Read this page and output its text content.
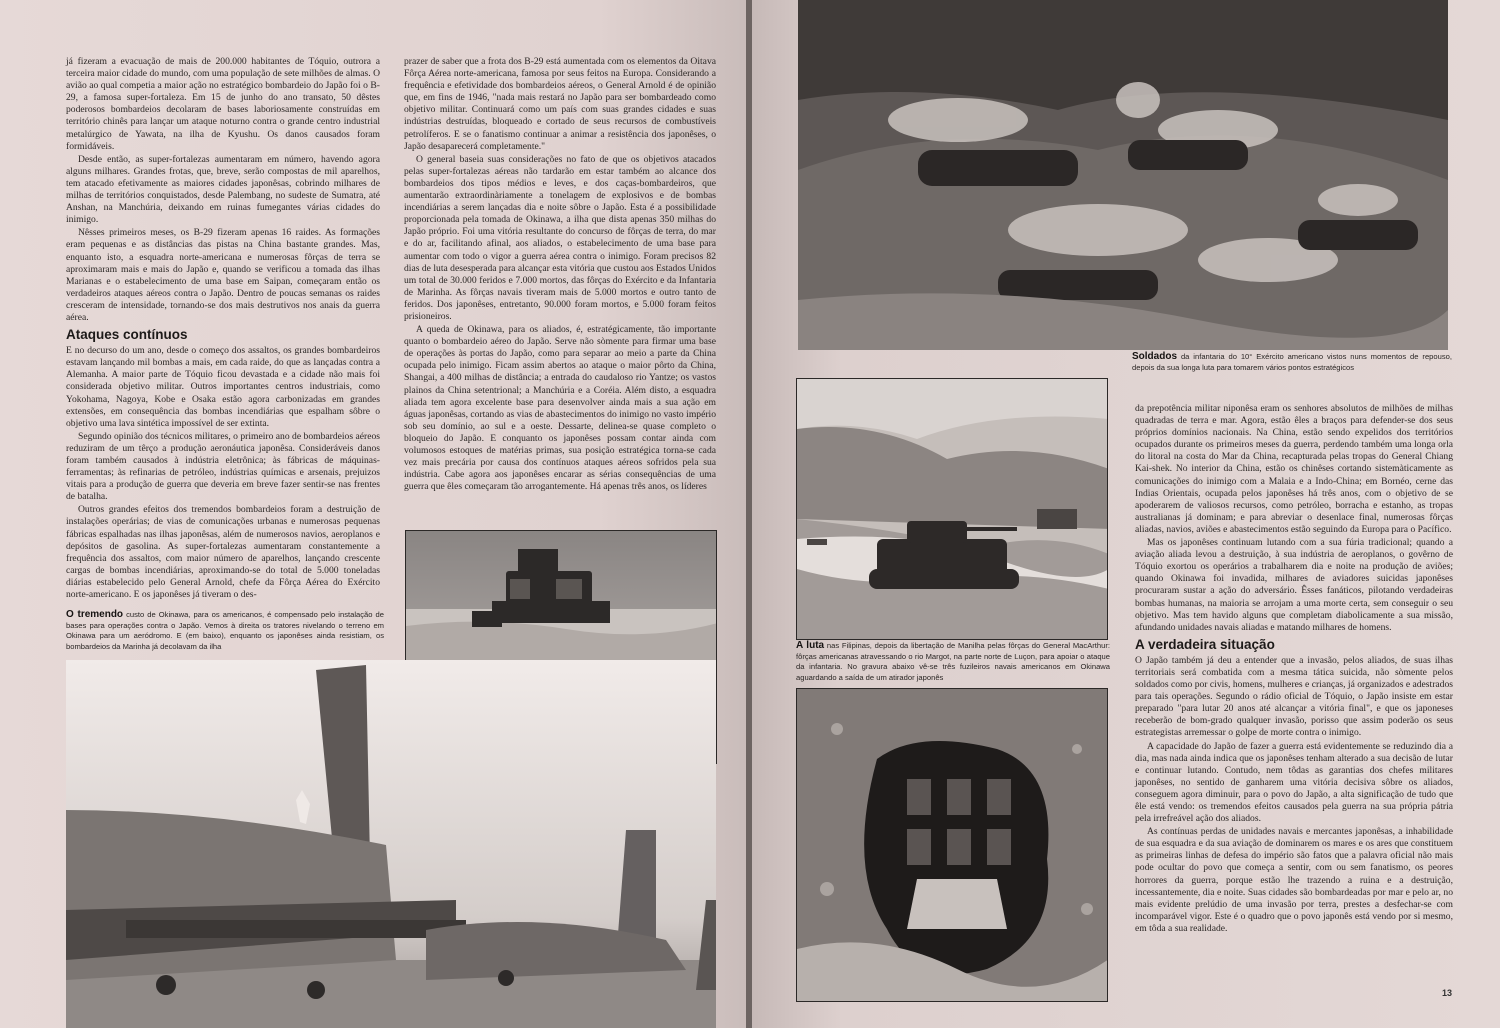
já fizeram a evacuação de mais de 200.000 habitantes de Tóquio, outrora a terceira maior cidade do mundo, com uma população de sete milhões de almas. O avião ao qual competia a maior ação no estratégico bombardeio do Japão foi o B-29, a famosa super-fortaleza. Em 15 de junho do ano transato, 50 dêstes poderosos bombardeios decolaram de bases laboriosamente construídas em território chinês para lançar um ataque noturno contra o grande centro industrial metalúrgico de Yawata, na ilha de Kyushu. Os danos causados foram formidáveis.

Desde então, as super-fortalezas aumentaram em número, havendo agora alguns milhares. Grandes frotas, que, breve, serão compostas de mil aparelhos, tem atacado efetivamente as maiores cidades japonêsas, cobrindo milhares de milhas de territórios conquistados, desde Palembang, no sudeste de Sumatra, até Anshan, na Manchúria, deixando em ruinas fumegantes várias cidades do inimigo.

Nêsses primeiros meses, os B-29 fizeram apenas 16 raides. As formações eram pequenas e as distâncias das pistas na China bastante grandes. Mas, enquanto isto, a esquadra norte-americana e numerosas fôrças de terra se aproximaram mais e mais do Japão e, quando se verificou a tomada das ilhas Marianas e o estabelecimento de uma base em Saipan, começaram então os verdadeiros ataques aéreos contra o Japão. Dentro de poucas semanas os raides cresceram de intensidade, tornando-se dos mais destrutivos nos anais da guerra aérea.

Ataques contínuos

E no decurso do um ano, desde o começo dos assaltos, os grandes bombardeiros estavam lançando mil bombas a mais, em cada raide, do que as lançadas contra a Alemanha. A maior parte de Tóquio ficou devastada e a cidade não mais foi considerada objetivo militar. Outros importantes centros industriais, como Yokohama, Nagoya, Kobe e Osaka estão agora carbonizadas em grandes extensões, em consequência das bombas incendiárias que espalham sôbre o objetivo uma lava sintética impossível de ser extinta.

Segundo opinião dos técnicos militares, o primeiro ano de bombardeios aéreos reduziram de um têrço a produção aeronáutica japonêsa. Consideráveis danos foram também causados à indústria eletrônica; às fábricas de máquinas-ferramentas; às refinarias de petróleo, indústrias químicas e arsenais, prejuizos vitais para a produção de guerra que deveria em breve fazer sentir-se nas frentes de batalha.

Outros grandes efeitos dos tremendos bombardeios foram a destruição de instalações operárias; de vias de comunicações urbanas e numerosas pequenas fábricas espalhadas nas ilhas japonêsas, além de numerosos navios, aeroplanos e depósitos de gasolina. As super-fortalezas aumentaram constantemente a frequência dos assaltos, com maior número de aparelhos, lançando crescente cargas de bombas incendiárias, aproximando-se do total de 5.000 toneladas diárias estabelecido pelo General Arnold, chefe da Fôrça Aérea do Exército norte-americano. E os japonêses já tiveram o des-

prazer de saber que a frota dos B-29 está aumentada com os elementos da Oitava Fôrça Aérea norte-americana, famosa por seus feitos na Europa. Considerando a frequência e efetividade dos bombardeios aéreos, o General Arnold é de opinião que, em fins de 1946, "nada mais restará no Japão para ser bombardeado como objetivo militar. Continuará como um país com suas grandes cidades e suas indústrias destruídas, bloqueado e cortado de seus recursos de combustíveis petrolíferos. E se o fanatismo continuar a animar a resistência dos japonêses, o Japão desaparecerá completamente."

O general baseia suas considerações no fato de que os objetivos atacados pelas super-fortalezas aéreas não tardarão em estar também ao alcance dos bombardeios dos tipos médios e leves, e dos caças-bombardeiros, que aumentarão extraordinàriamente a tonelagem de explosivos e de bombas incendiárias a serem lançadas dia e noite sôbre o Japão. Esta é a possibilidade proporcionada pela tomada de Okinawa, a ilha que dista apenas 350 milhas do Japão próprio. Foi uma vitória resultante do concurso de fôrças de terra, do mar e do ar, facilitando afinal, aos aliados, o estabelecimento de uma base para aumentar com todo o vigor a guerra aérea contra o inimigo. Foram precisos 82 dias de luta desesperada para alcançar esta vitória que custou aos Estados Unidos um total de 30.000 feridos e 7.000 mortos, das fôrças do Exército e da Infantaria de Marinha. As fôrças navais tiveram mais de 5.000 mortos e outro tanto de feridos. Dos japonêses, entretanto, 90.000 foram mortos, e 5.000 foram feitos prisioneiros.

A queda de Okinawa, para os aliados, é, estratégicamente, tão importante quanto o bombardeio aéreo do Japão. Serve não sòmente para firmar uma base de operações às portas do Japão, como para separar ao meio a parte da China ocupada pelo inimigo. Ficam assim abertos ao ataque o maior pôrto da China, Shangai, a 400 milhas de distância; a entrada do caudaloso rio Yantze; os vastos plainos da China setentrional; a Manchúria e a Coréia. Além disto, a esquadra aliada tem agora excelente base para desenvolver ainda mais a sua ação em águas japonêsas, cortando as vias de abastecimentos do inimigo no vasto império sob seu domínio, ao sul e a oeste. Dessarte, delinea-se quase completo o bloqueio do Japão. E conquanto os japonêses possam contar ainda com volumosos estoques de matérias primas, sua posição estratégica torna-se cada vez mais precária por causa dos contínuos ataques aéreos sofridos pela sua indústria. Cabe agora aos japonêses encarar as sérias consequências de uma guerra que êles começaram tão arrogantemente. Há apenas três anos, os líderes

O tremendo custo de Okinawa, para os americanos, é compensado pelo instalação de bases para operações contra o Japão. Vemos à direita os tratores nivelando o terreno em Okinawa para um aeródromo. E (em baixo), enquanto os japonêses ainda resistiam, os bombardeios da Marinha já decolavam da ilha
Soldados da infantaria do 10° Exército americano vistos nuns momentos de repouso, depois da sua longa luta para tomarem vários pontos estratégicos
A luta nas Filipinas, depois da libertação de Manilha pelas fôrças do General MacArthur: fôrças americanas atravessando o rio Margot, na parte norte de Luçon, para apoiar o ataque da infantaria. No gravura abaixo vê-se três fuzileiros navais americanos em Okinawa aguardando a saída de um atirador japonês

da prepotência militar niponêsa eram os senhores absolutos de milhões de milhas quadradas de terra e mar. Agora, estão êles a braços para defender-se dos seus próprios domínios nacionais. Na China, estão sendo expelidos dos territórios ocupados durante os primeiros meses da guerra, perdendo também uma longa orla do litoral na costa do Mar da China, recapturada pelas tropas do General Chiang Kai-shek. No interior da China, estão os chinêses cortando sistemàticamente as comunicações do inimigo com a Malaia e a Indo-China; em Bornéo, cerne das Indias Orientais, ocupada pelos japonêses há três anos, com o objetivo de se apoderarem de valiosos recursos, como petróleo, borracha e estanho, as tropas australianas já dominam; e para abreviar o desenlace final, numerosas fôrças aliadas, navios, aviões e abastecimentos estão seguindo da Europa para o Pacífico.

Mas os japonêses continuam lutando com a sua fúria tradicional; quando a aviação aliada levou a destruição, à sua indústria de aeroplanos, o govêrno de Tóquio exortou os operários a trabalharem dia e noite na produção de aviões; quando Okinawa foi invadida, milhares de aviadores suicidas japonêses procuraram sustar a ação do adversário. Êsses fanáticos, pilotando verdadeiras bombas humanas, na maioria se arrojam a uma morte certa, sem conseguir o seu objetivo. Mas tem havido alguns que completam diabolicamente a sua missão, afundando unidades navais aliadas e matando milhares de homens.

A verdadeira situação

O Japão também já deu a entender que a invasão, pelos aliados, de suas ilhas territoriais será combatida com a mesma tática suicida, não sòmente pelos soldados como por civis, homens, mulheres e crianças, já organizados e adestrados para tais operações. Segundo o rádio oficial de Tóquio, o Japão insiste em estar preparado "para lutar 20 anos até alcançar a vitória final", e que os japoneses receberão de bom-grado qualquer invasão, porisso que assim poderão os seus estrategistas arremessar o golpe de morte contra o inimigo.

A capacidade do Japão de fazer a guerra está evidentemente se reduzindo dia a dia, mas nada ainda indica que os japonêses tenham alterado a sua decisão de lutar e continuar lutando. Contudo, nem tôdas as garantias dos chefes militares japonêses, no sentido de ganharem uma vitória decisiva sôbre os aliados, conseguem agora diminuir, para o povo do Japão, a alta significação de tudo que êle está vendo: os tremendos efeitos causados pela guerra na sua própria pátria pela irrefreável ação dos aliados.

As contínuas perdas de unidades navais e mercantes japonêsas, a inhabilidade de sua esquadra e da sua aviação de dominarem os mares e os ares que constituem as primeiras linhas de defesa do império são fatos que a palavra oficial não mais pode ocultar do povo que começa a sentir, com ou sem fanatismo, os peores horrores da guerra, porque estão lhe trazendo a ruina e a destruição, incessantemente, dia e noite. Suas cidades são bombardeadas por mar e pelo ar, no mais evidente prelúdio de uma invasão por terra, prestes a desfechar-se com incomparável vigor. Este é o quadro que o povo japonês está vendo por si mesmo, em tôda a sua realidade.

13
